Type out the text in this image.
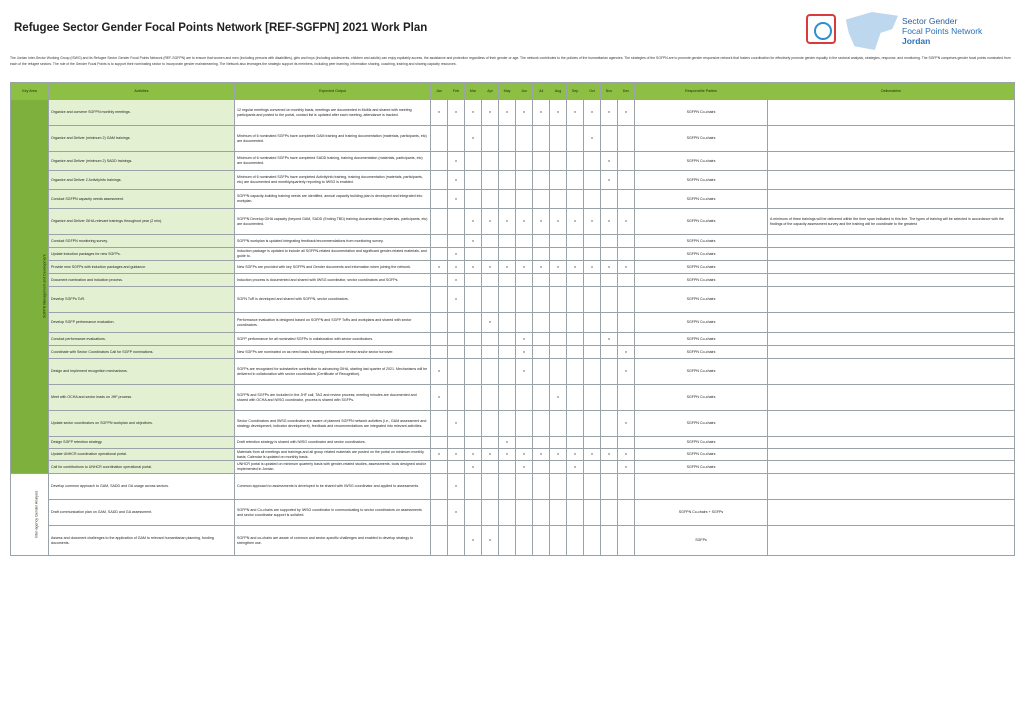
Refugee Sector Gender Focal Points Network [REF-SGFPN] 2021 Work Plan
Sector Gender
Focal Points Network
Jordan
The Jordan Inter-Sector Working Group (ISWG) and its Refugee Sector Gender Focal Points Network (REF-SGFPN) are to ensure that women and men (including persons with disabilities), girls and boys (including adolescents, children and adults) can enjoy equitably access, the assistance and protection regardless of their gender or age. The network contributes to the policies of the humanitarian agencies. The strategies of the SGFPN are to promote gender responsive network that fosters coordination for effectively promote gender equality in the sectoral analysis, strategies, response, and monitoring. The SGFPN comprises gender focal points nominated from each of the refugee sectors. The role of the Gender Focal Points is to support their nominating sector to incorporate gender mainstreaming. The Network also leverages the strategic support its members, including peer learning, information sharing, coaching, training and sharing capacity resources.
Key Area	Activities	Expected Output	Jan	Feb	Mar	Apr	May	Jun	Jul	Aug	Sep	Oct	Nov	Dec	Responsible Parties	Deliverables
SGFPN Management and Development	Organize and convene SGFPN monthly meetings.	12 regular meetings convened on monthly basis, meetings are documented in MoMs and shared with meeting participants and posted to the portal, contact list is updated after each meeting, attendance is tracked.	x	x	x	x	x	x	x	x	x	x	x	x	SGFPN Co-chairs	
	Organize and Deliver (minimum 2) GAM trainings.	Minimum of 6 nominated SGFPs have completed GAM training and training documentation (materials, participants, etc) are documented.			x							x			SGFPN Co-chairs	
	Organize and Deliver (minimum 2) SADD trainings.	Minimum of 6 nominated SGFPs have completed SADD training, training documentation (materials, participants, etc) are documented.		x									x		SGFPN Co-chairs	
	Organize and Deliver 2 ActivityInfo trainings.	Minimum of 6 nominated SGFPs have completed ActivityInfo training, training documentation (materials, participants, etc) are documented and monthly/quarterly reporting to IWSG is enabled.		x									x		SGFPN Co-chairs	
	Conduct SGFPN capacity needs assessment.	SGFPN capacity-building training needs are identified, annual capacity building plan is developed and integrated into workplan.		x											SGFPN Co-chairs	
	Organize and Deliver GiHA-relevant trainings throughout year (2 min).	SGFPN Develop GiHA capacity (beyond GAM, SADD (Ending TBD) training documentation (materials, participants, etc) are documented.			x	x	x	x	x	x	x	x	x	x	SGFPN Co-chairs	A minimum of three trainings will be delivered within the time span indicated in this line. The types of training will be selected in accordance with the findings of the capacity assessment survey and the training will be coordinate to the greatest
	Conduct SGFPN monitoring survey.	SGFPN workplan is updated integrating feedback/recommendations from monitoring survey.			x										SGFPN Co-chairs	
	Update induction packages for new SGFPs.	Induction package is updated to include all SGFPN-related documentation and significant gender-related materials, and guide to.		x											SGFPN Co-chairs	
	Provide new SGFPs with induction packages and guidance.	New SGFPs are provided with key SGFPN and Gender documents and information when joining the network.	x	x	x	x	x	x	x	x	x	x	x	x	SGFPN Co-chairs	
	Document nomination and induction process.	Induction process is documented and shared with IWSG coordinator, sector coordinators and SGFPs.		x											SGFPN Co-chairs	
	Develop SGFPs ToR.	SGFN ToR is developed and shared with SGFPN, sector coordinators.		x											SGFPN Co-chairs	
	Develop SGFP performance evaluation.	Performance evaluation is designed based on SGFPN and SGFP ToRs and workplans and shared with sector coordinators.				x									SGFPN Co-chairs	
	Conduct performance evaluations.	SGFP performance for all nominated SGFPs in collaboration with sector coordinators.						x					x		SGFPN Co-chairs	
	Coordinate with Sector Coordinators Call for SGFP nominations.	New SGFPs are nominated on as need basis following performance review and/or sector turnover.						x						x	SGFPN Co-chairs	
	Design and Implement recognition mechanisms.	SGFPs are recognized for substantive contribution to advancing GiHA, starting last quarter of 2021. Mechanisms will be delivered in collaboration with sector coordinators (Certificate of Recognition).	x					x						x	SGFPN Co-chairs	
	Meet with OCHA and sector leads on JHF process.	SGFPN and SGFPs are included in the JHF call, TAG and review process; meeting minutes are documented and shared with OCHA and IWSG coordinator, process is shared with SGFPs.	x							x					SGFPN Co-chairs	
	Update sector coordinators on SGFPN workplan and objectives.	Sector Coordinators and IWSG coordinator are aware of planned SGFPN network activities (i.e., GAM assessment and strategy development, indicator development), feedback and recommendations are integrated into relevant activities.		x										x	SGFPN Co-chairs	
	Design SGFP retention strategy.	Draft retention strategy is shared with IWSG coordinator and sector coordinators.					x								SGFPN Co-chairs	
	Update UNHCR coordination operational portal.	Materials from all meetings and trainings and all group related materials are posted on the portal on minimum monthly basis; Calendar is updated on monthly basis.	x	x	x	x	x	x	x	x	x	x	x	x	SGFPN Co-chairs	
	Call for contributions to UNHCR coordination operational portal.	UNHCR portal is updated on minimum quarterly basis with gender-related studies, assessments, tools designed and/or implemented in Jordan.			x			x			x			x	SGFPN Co-chairs	
Inter-agency Gender Analysis	Develop common approach to GAM, SADD and GA usage across sectors.	Common approach to assessments is developed to be shared with IWSG coordinator and applied to assessments.		x												
	Draft communication plan on GAM, SADD and GA assessment.	SGFPN and Co-chairs are supported by IWSG coordinator in communicating to sector coordinators on assessments and sector coordinator support is solicited.		x											SGFPN Co-chairs + SGFPs	
	Assess and document challenges to the application of GAM to relevant humanitarian planning, funding documents.	SGFPN and co-chairs are aware of common and sector-specific challenges and enabled to develop strategy to strengthen use.			x	x									SGFPs	
